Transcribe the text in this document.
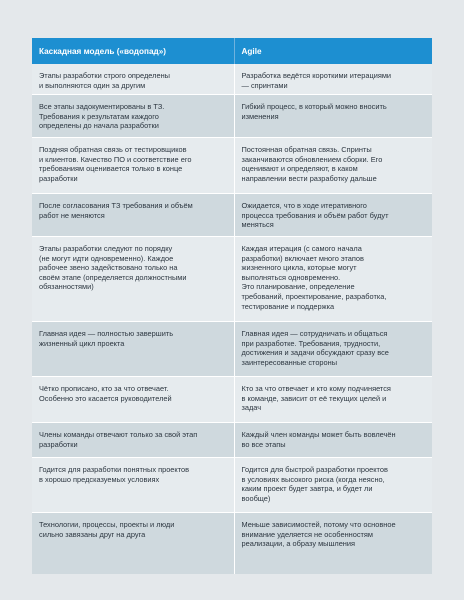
Каскадная модель («водопад»)	Agile
Этапы разработки строго определены
и выполняются один за другим
Разработка ведётся короткими итерациями
— спринтами
Все этапы задокументированы в ТЗ.
Требования к результатам каждого
определены до начала разработки
Гибкий процесс, в который можно вносить
изменения
Поздняя обратная связь от тестировщиков
и клиентов. Качество ПО и соответствие его
требованиям оценивается только в конце
разработки
Постоянная обратная связь. Спринты
заканчиваются обновлением сборки. Его
оценивают и определяют, в каком
направлении вести разработку дальше
После согласования ТЗ требования и объём
работ не меняются
Ожидается, что в ходе итеративного
процесса требования и объём работ будут
меняться
Этапы разработки следуют по порядку
(не могут идти одновременно). Каждое
рабочее звено задействовано только на
своём этапе (определяется должностными
обязанностями)
Каждая итерация (с самого начала
разработки) включает много этапов
жизненного цикла, которые могут
выполняться одновременно.
Это планирование, определение
требований, проектирование, разработка,
тестирование и поддержка
Главная идея — полностью завершить
жизненный цикл проекта
Главная идея — сотрудничать и общаться
при разработке. Требования, трудности,
достижения и задачи обсуждают сразу все
заинтересованные стороны
Чётко прописано, кто за что отвечает.
Особенно это касается руководителей
Кто за что отвечает и кто кому подчиняется
в команде, зависит от её текущих целей и
задач
Члены команды отвечают только за свой этап
разработки
Каждый член команды может быть вовлечён
во все этапы
Годится для разработки понятных проектов
в хорошо предсказуемых условиях
Годится для быстрой разработки проектов
в условиях высокого риска (когда неясно,
каким проект будет завтра, и будет ли
вообще)
Технологии, процессы, проекты и люди
сильно завязаны друг на друга
Меньше зависимостей, потому что основное
внимание уделяется не особенностям
реализации, а образу мышления
